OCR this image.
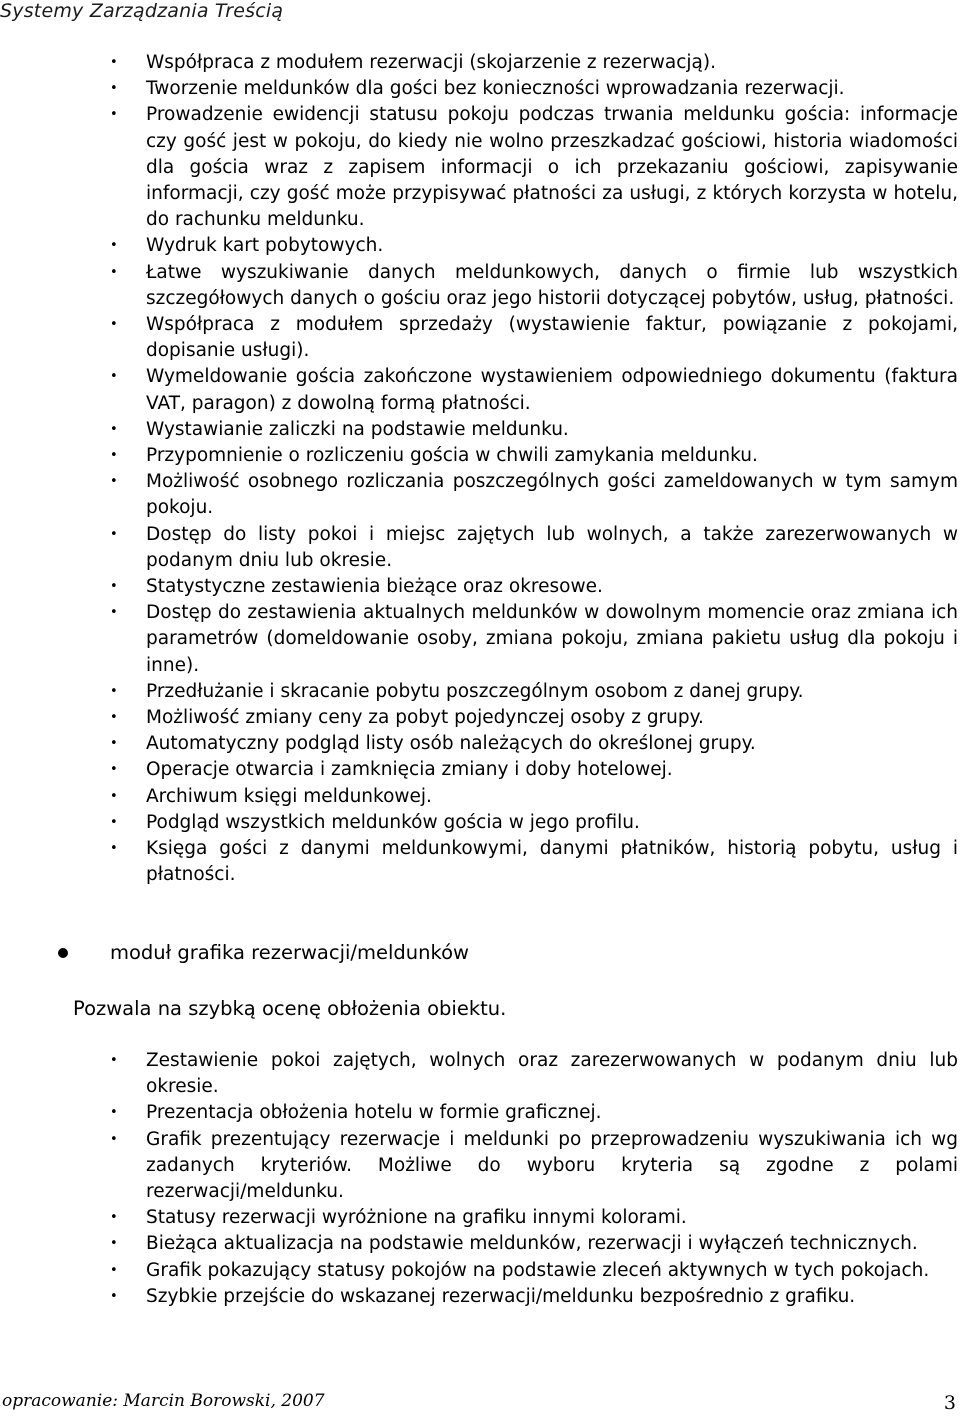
Systemy Zarządzania Treścią
• Współpraca z modułem rezerwacji (skojarzenie z rezerwacją).
• Tworzenie meldunków dla gości bez konieczności wprowadzania rezerwacji.
• Prowadzenie ewidencji statusu pokoju podczas trwania meldunku gościa: informacje czy gość jest w pokoju, do kiedy nie wolno przeszkadzać gościowi, historia wiadomości dla gościa wraz z zapisem informacji o ich przekazaniu gościowi, zapisywanie informacji, czy gość może przypisywać płatności za usługi, z których korzysta w hotelu, do rachunku meldunku.
• Wydruk kart pobytowych.
• Łatwe wyszukiwanie danych meldunkowych, danych o firmie lub wszystkich szczegółowych danych o gościu oraz jego historii dotyczącej pobytów, usług, płatności.
• Współpraca z modułem sprzedaży (wystawienie faktur, powiązanie z pokojami, dopisanie usługi).
• Wymeldowanie gościa zakończone wystawieniem odpowiedniego dokumentu (faktura VAT, paragon) z dowolną formą płatności.
• Wystawianie zaliczki na podstawie meldunku.
• Przypomnienie o rozliczeniu gościa w chwili zamykania meldunku.
• Możliwość osobnego rozliczania poszczególnych gości zameldowanych w tym samym pokoju.
• Dostęp do listy pokoi i miejsc zajętych lub wolnych, a także zarezerwowanych w podanym dniu lub okresie.
• Statystyczne zestawienia bieżące oraz okresowe.
• Dostęp do zestawienia aktualnych meldunków w dowolnym momencie oraz zmiana ich parametrów (domeldowanie osoby, zmiana pokoju, zmiana pakietu usług dla pokoju i inne).
• Przedłużanie i skracanie pobytu poszczególnym osobom z danej grupy.
• Możliwość zmiany ceny za pobyt pojedynczej osoby z grupy.
• Automatyczny podgląd listy osób należących do określonej grupy.
• Operacje otwarcia i zamknięcia zmiany i doby hotelowej.
• Archiwum księgi meldunkowej.
• Podgląd wszystkich meldunków gościa w jego profilu.
• Księga gości z danymi meldunkowymi, danymi płatników, historią pobytu, usług i płatności.
moduł grafika rezerwacji/meldunków
Pozwala na szybką ocenę obłożenia obiektu.
• Zestawienie pokoi zajętych, wolnych oraz zarezerwowanych w podanym dniu lub okresie.
• Prezentacja obłożenia hotelu w formie graficznej.
• Grafik prezentujący rezerwacje i meldunki po przeprowadzeniu wyszukiwania ich wg zadanych kryteriów. Możliwe do wyboru kryteria są zgodne z polami rezerwacji/meldunku.
• Statusy rezerwacji wyróżnione na grafiku innymi kolorami.
• Bieżąca aktualizacja na podstawie meldunków, rezerwacji i wyłączeń technicznych.
• Grafik pokazujący statusy pokojów na podstawie zleceń aktywnych w tych pokojach.
• Szybkie przejście do wskazanej rezerwacji/meldunku bezpośrednio z grafiku.
opracowanie: Marcin Borowski, 2007	3
